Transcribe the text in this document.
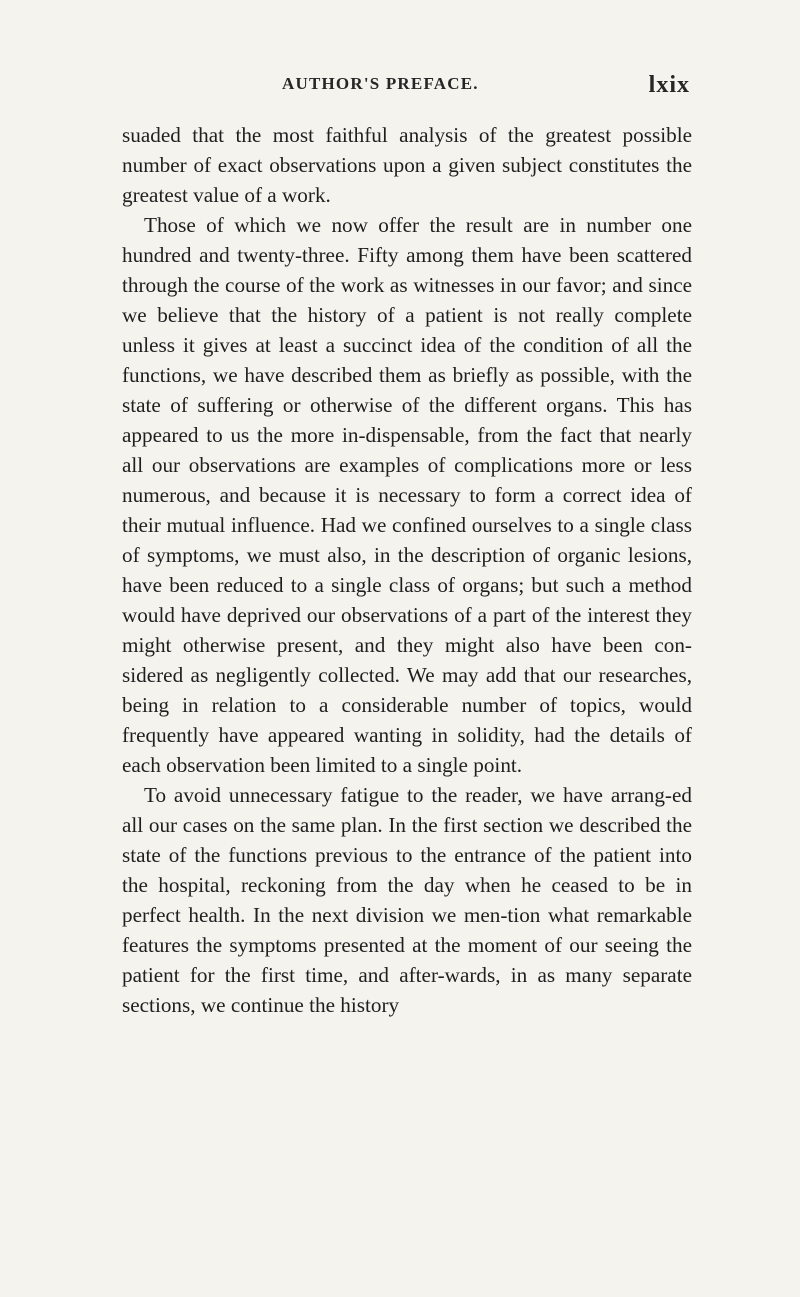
AUTHOR'S PREFACE.	lxix

suaded that the most faithful analysis of the greatest possible number of exact observations upon a given subject constitutes the greatest value of a work.

Those of which we now offer the result are in number one hundred and twenty-three. Fifty among them have been scattered through the course of the work as witnesses in our favor; and since we believe that the history of a patient is not really complete unless it gives at least a succinct idea of the condition of all the functions, we have described them as briefly as possible, with the state of suffering or otherwise of the different organs. This has appeared to us the more in-dispensable, from the fact that nearly all our observations are examples of complications more or less numerous, and because it is necessary to form a correct idea of their mutual influence. Had we confined ourselves to a single class of symptoms, we must also, in the description of organic lesions, have been reduced to a single class of organs; but such a method would have deprived our observations of a part of the interest they might otherwise present, and they might also have been con-sidered as negligently collected. We may add that our researches, being in relation to a considerable number of topics, would frequently have appeared wanting in solidity, had the details of each observation been limited to a single point.

To avoid unnecessary fatigue to the reader, we have arrang-ed all our cases on the same plan. In the first section we described the state of the functions previous to the entrance of the patient into the hospital, reckoning from the day when he ceased to be in perfect health. In the next division we men-tion what remarkable features the symptoms presented at the moment of our seeing the patient for the first time, and after-wards, in as many separate sections, we continue the history
